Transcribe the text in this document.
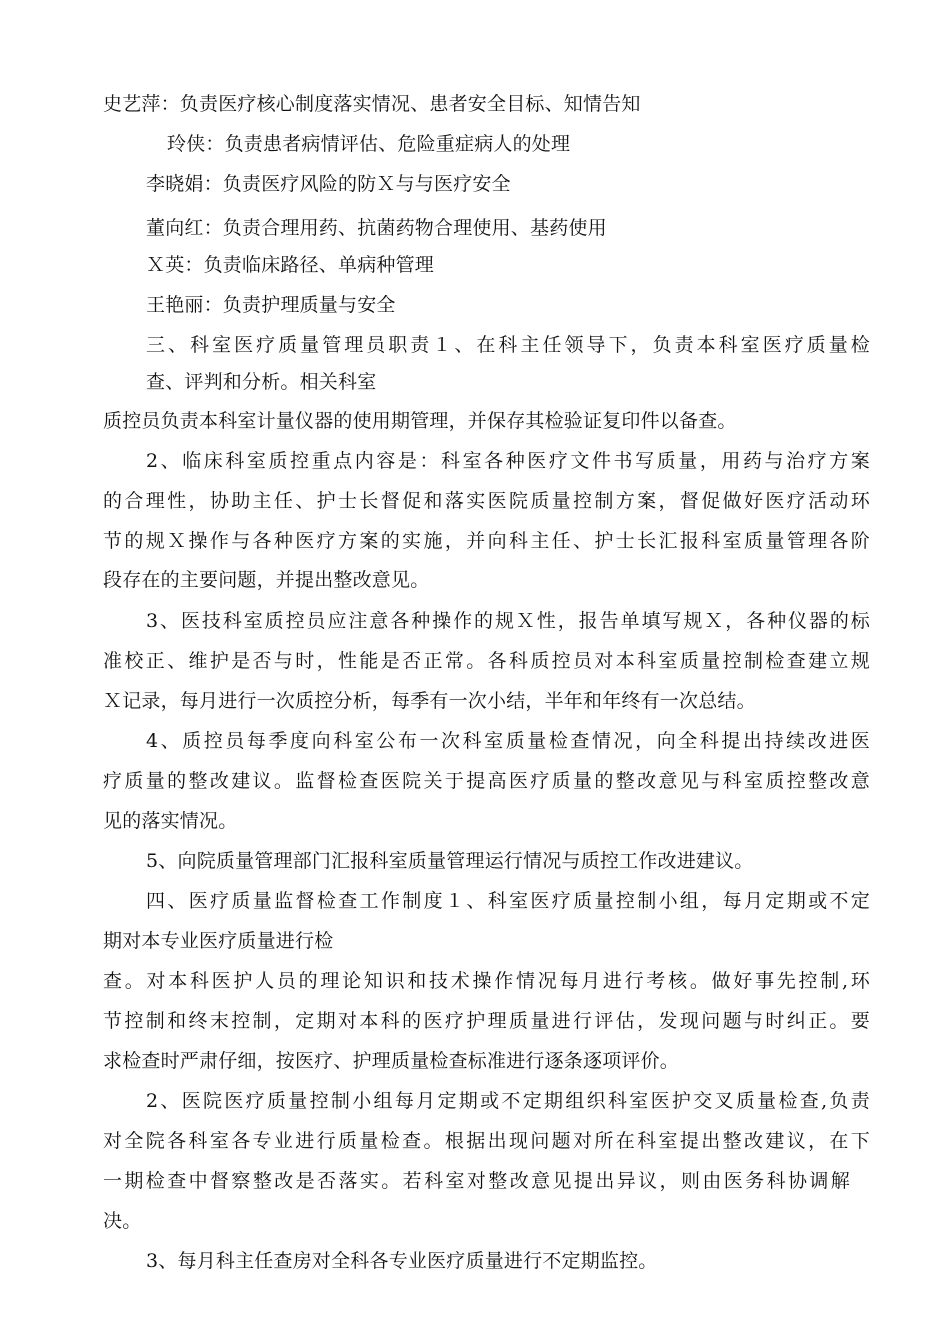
史艺萍：负责医疗核心制度落实情况、患者安全目标、知情告知
玲侠：负责患者病情评估、危险重症病人的处理
李晓娟：负责医疗风险的防Ｘ与与医疗安全
董向红：负责合理用药、抗菌药物合理使用、基药使用
Ｘ英：负责临床路径、单病种管理
王艳丽：负责护理质量与安全
三、科室医疗质量管理员职责１、在科主任领导下，负责本科室医疗质量检
查、评判和分析。相关科室
质控员负责本科室计量仪器的使用期管理，并保存其检验证复印件以备查。
2、临床科室质控重点内容是：科室各种医疗文件书写质量，用药与治疗方案
的合理性，协助主任、护士长督促和落实医院质量控制方案，督促做好医疗活动环
节的规Ｘ操作与各种医疗方案的实施，并向科主任、护士长汇报科室质量管理各阶
段存在的主要问题，并提出整改意见。
3、医技科室质控员应注意各种操作的规Ｘ性，报告单填写规Ｘ，各种仪器的标
准校正、维护是否与时，性能是否正常。各科质控员对本科室质量控制检查建立规
Ｘ记录，每月进行一次质控分析，每季有一次小结，半年和年终有一次总结。
4、质控员每季度向科室公布一次科室质量检查情况，向全科提出持续改进医
疗质量的整改建议。监督检查医院关于提高医疗质量的整改意见与科室质控整改意
见的落实情况。
5、向院质量管理部门汇报科室质量管理运行情况与质控工作改进建议。
四、医疗质量监督检查工作制度１、科室医疗质量控制小组，每月定期或不定
期对本专业医疗质量进行检
查。对本科医护人员的理论知识和技术操作情况每月进行考核。做好事先控制,环
节控制和终末控制，定期对本科的医疗护理质量进行评估，发现问题与时纠正。要
求检查时严肃仔细，按医疗、护理质量检查标准进行逐条逐项评价。
2、医院医疗质量控制小组每月定期或不定期组织科室医护交叉质量检查,负责
对全院各科室各专业进行质量检查。根据出现问题对所在科室提出整改建议，在下
一期检查中督察整改是否落实。若科室对整改意见提出异议，则由医务科协调解
决。
3、每月科主任查房对全科各专业医疗质量进行不定期监控。
